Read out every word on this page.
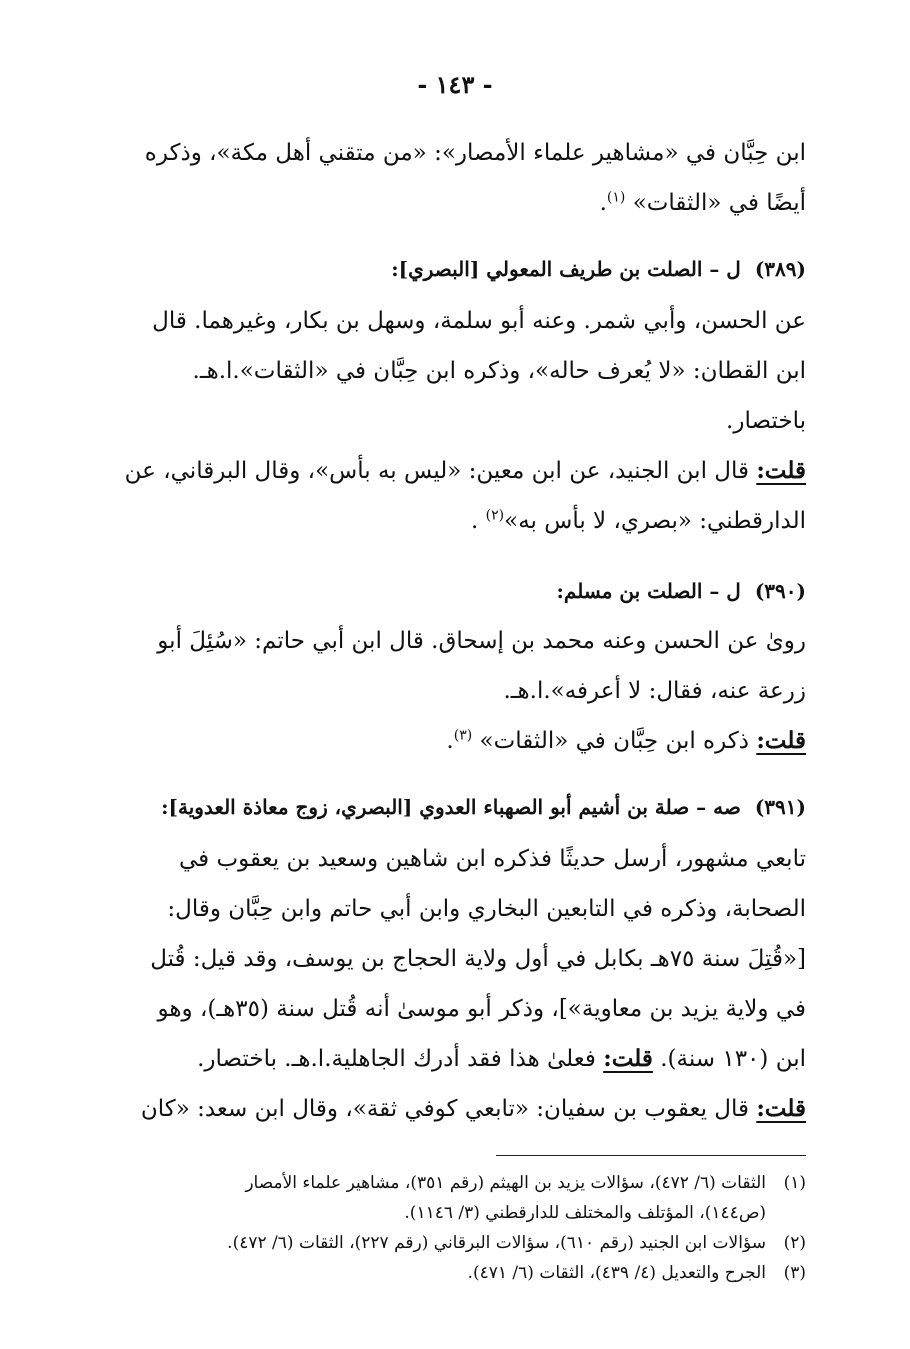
- ١٤٣ -
ابن حِبَّان في «مشاهير علماء الأمصار»: «من متقني أهل مكة»، وذكره
أيضًا في «الثقات» $^{(١)}$.
(٣٨٩)ل – الصلت بن طريف المعولي [البصري]:
عن الحسن، وأبي شمر. وعنه أبو سلمة، وسهل بن بكار، وغيرهما. قال
ابن القطان: «لا يُعرف حاله»، وذكره ابن حِبَّان في «الثقات».ا.هـ.
باختصار.
قلت: قال ابن الجنيد، عن ابن معين: «ليس به بأس»، وقال البرقاني، عن
الدارقطني: «بصري، لا بأس به»$^{(٢)}$ .
(٣٩٠)ل – الصلت بن مسلم:
روىٰ عن الحسن وعنه محمد بن إسحاق. قال ابن أبي حاتم: «سُئِلَ أبو
زرعة عنه، فقال: لا أعرفه».ا.هـ.
قلت: ذكره ابن حِبَّان في «الثقات» $^{(٣)}$.
(٣٩١)صه – صلة بن أشيم أبو الصهباء العدوي [البصري، زوج معاذة العدوية]:
تابعي مشهور، أرسل حديثًا فذكره ابن شاهين وسعيد بن يعقوب في
الصحابة، وذكره في التابعين البخاري وابن أبي حاتم وابن حِبَّان وقال:
[«قُتِلَ سنة ٧٥هـ بكابل في أول ولاية الحجاج بن يوسف، وقد قيل: قُتل
في ولاية يزيد بن معاوية»]، وذكر أبو موسىٰ أنه قُتل سنة (٣٥هـ)، وهو
ابن (١٣٠ سنة). قلت: فعلىٰ هذا فقد أدرك الجاهلية.ا.هـ. باختصار.
قلت: قال يعقوب بن سفيان: «تابعي كوفي ثقة»، وقال ابن سعد: «كان
(١)الثقات (٦/ ٤٧٢)، سؤالات يزيد بن الهيثم (رقم ٣٥١)، مشاهير علماء الأمصار
(ص١٤٤)، المؤتلف والمختلف للدارقطني (٣/ ١١٤٦).
(٢)سؤالات ابن الجنيد (رقم ٦١٠)، سؤالات البرقاني (رقم ٢٢٧)، الثقات (٦/ ٤٧٢).
(٣)الجرح والتعديل (٤/ ٤٣٩)، الثقات (٦/ ٤٧١).
